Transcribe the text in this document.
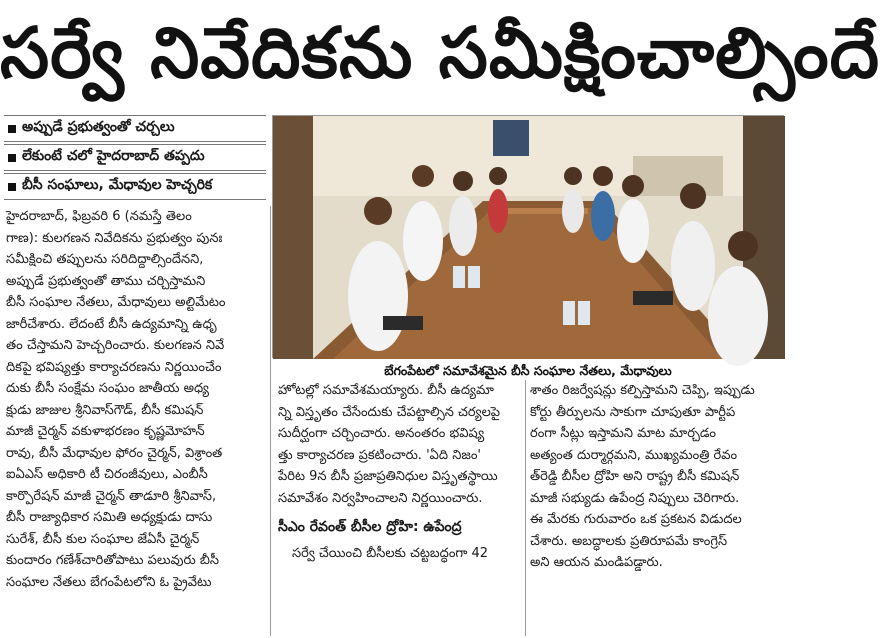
సర్వే నివేదికను సమీక్షించాల్సిందే
అప్పుడే ప్రభుత్వంతో చర్చలు
లేకుంటే చలో హైదరాబాద్ తప్పదు
బీసీ సంఘాలు, మేధావుల హెచ్చరిక

హైదరాబాద్, ఫిబ్రవరి 6 (నమస్తే తెలం

గాణ): కులగణన నివేదికను ప్రభుత్వం పునః

సమీక్షించి తప్పులను సరిదిద్దాల్సిందేనని,

అప్పుడే ప్రభుత్వంతో తాము చర్చిస్తామని

బీసీ సంఘాల నేతలు, మేధావులు అల్టిమేటం

జారీచేశారు. లేదంటే బీసీ ఉద్యమాన్ని ఉధృ

తం చేస్తామని హెచ్చరించారు. కులగణన నివే

దికపై భవిష్యత్తు కార్యాచరణను నిర్ణయించేం

దుకు బీసీ సంక్షేమ సంఘం జాతీయ అధ్య

క్షుడు జాజుల శ్రీనివాస్‌గౌడ్, బీసీ కమిషన్

మాజీ చైర్మన్ వకుళాభరణం కృష్ణమోహన్

రావు, బీసీ మేధావుల ఫోరం చైర్మన్, విశ్రాంత

ఐఏఎస్ అధికారి టీ చిరంజీవులు, ఎంబీసీ

కార్పొరేషన్ మాజీ చైర్మన్ తాడూరి శ్రీనివాస్,

బీసీ రాజ్యాధికార సమితి అధ్యక్షుడు దాసు

సురేశ్, బీసీ కుల సంఘాల జేఏసీ చైర్మన్

కుందారం గణేశ్‌చారితోపాటు పలువురు బీసీ

సంఘాల నేతలు బేగంపేటలోని ఓ ప్రైవేటు

బేగంపేటలో సమావేశమైన బీసీ సంఘాల నేతలు, మేధావులు

హోటల్లో సమావేశమయ్యారు. బీసీ ఉద్యమా

న్ని విస్తృతం చేసేందుకు చేపట్టాల్సిన చర్యలపై

సుదీర్ఘంగా చర్చించారు. అనంతరం భవిష్య

త్తు కార్యాచరణ ప్రకటించారు. 'ఏది నిజం'

పేరిట 9న బీసీ ప్రజాప్రతినిధుల విస్తృతస్థాయి

సమావేశం నిర్వహించాలని నిర్ణయించారు.

సీఎం రేవంత్ బీసీల ద్రోహి: ఉపేంద్ర

సర్వే చేయించి బీసీలకు చట్టబద్ధంగా 42

శాతం రిజర్వేషన్లు కల్పిస్తామని చెప్పి, ఇప్పుడు

కోర్టు తీర్పులను సాకుగా చూపుతూ పార్టీప

రంగా సీట్లు ఇస్తామని మాట మార్చడం

అత్యంత దుర్మార్గమని, ముఖ్యమంత్రి రేవం

త్‌రెడ్డి బీసీల ద్రోహి అని రాష్ట్ర బీసీ కమిషన్

మాజీ సభ్యుడు ఉపేంద్ర నిప్పులు చెరిగారు.

ఈ మేరకు గురువారం ఒక ప్రకటన విడుదల

చేశారు. అబద్ధాలకు ప్రతిరూపమే కాంగ్రెస్

అని ఆయన మండిపడ్డారు.
